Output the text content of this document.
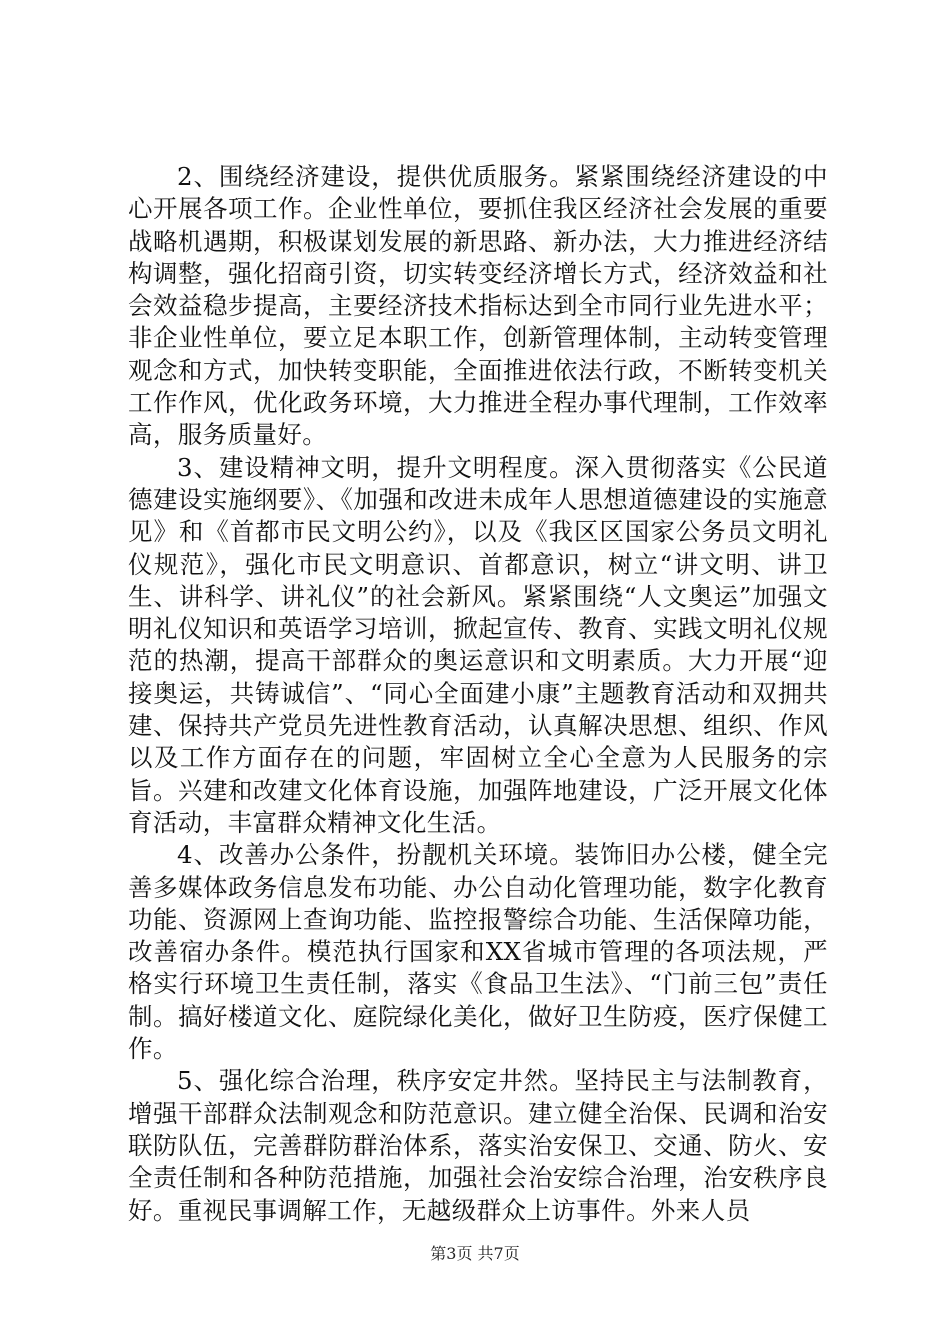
2、围绕经济建设，提供优质服务。紧紧围绕经济建设的中心开展各项工作。企业性单位，要抓住我区经济社会发展的重要战略机遇期，积极谋划发展的新思路、新办法，大力推进经济结构调整，强化招商引资，切实转变经济增长方式，经济效益和社会效益稳步提高，主要经济技术指标达到全市同行业先进水平；非企业性单位，要立足本职工作，创新管理体制，主动转变管理观念和方式，加快转变职能，全面推进依法行政，不断转变机关工作作风，优化政务环境，大力推进全程办事代理制，工作效率高，服务质量好。

3、建设精神文明，提升文明程度。深入贯彻落实《公民道德建设实施纲要》、《加强和改进未成年人思想道德建设的实施意见》和《首都市民文明公约》，以及《我区区国家公务员文明礼仪规范》，强化市民文明意识、首都意识，树立“讲文明、讲卫生、讲科学、讲礼仪”的社会新风。紧紧围绕“人文奥运”加强文明礼仪知识和英语学习培训，掀起宣传、教育、实践文明礼仪规范的热潮，提高干部群众的奥运意识和文明素质。大力开展“迎接奥运，共铸诚信”、“同心全面建小康”主题教育活动和双拥共建、保持共产党员先进性教育活动，认真解决思想、组织、作风以及工作方面存在的问题，牢固树立全心全意为人民服务的宗旨。兴建和改建文化体育设施，加强阵地建设，广泛开展文化体育活动，丰富群众精神文化生活。

4、改善办公条件，扮靓机关环境。装饰旧办公楼，健全完善多媒体政务信息发布功能、办公自动化管理功能，数字化教育功能、资源网上查询功能、监控报警综合功能、生活保障功能，改善宿办条件。模范执行国家和XX省城市管理的各项法规，严格实行环境卫生责任制，落实《食品卫生法》、“门前三包”责任制。搞好楼道文化、庭院绿化美化，做好卫生防疫，医疗保健工作。

5、强化综合治理，秩序安定井然。坚持民主与法制教育，增强干部群众法制观念和防范意识。建立健全治保、民调和治安联防队伍，完善群防群治体系，落实治安保卫、交通、防火、安全责任制和各种防范措施，加强社会治安综合治理，治安秩序良好。重视民事调解工作，无越级群众上访事件。外来人员

第3页 共7页
